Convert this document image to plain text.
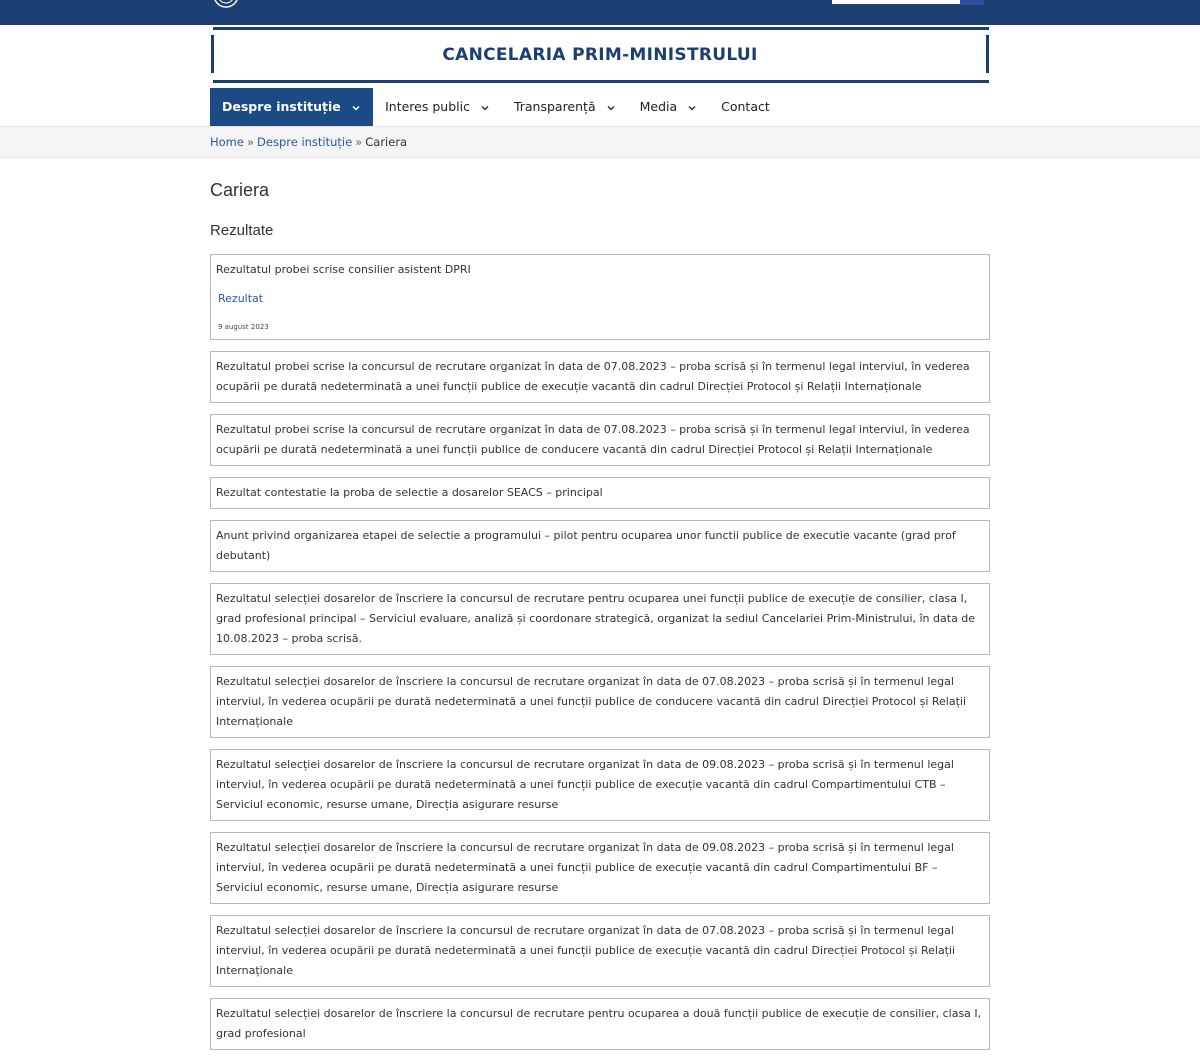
CANCELARIA PRIM-MINISTRULUI
Despre instituție	Interes public	Transparență	Media	Contact
Home » Despre instituție » Cariera
Cariera
Rezultate
Rezultatul probei scrise consilier asistent DPRI
Rezultat
9 august 2023
Rezultatul probei scrise la concursul de recrutare organizat în data de 07.08.2023 – proba scrisă și în termenul legal interviul, în vederea ocupării pe durată nedeterminată a unei funcții publice de execuție vacantă din cadrul Direcției Protocol și Relații Internaționale
Rezultatul probei scrise la concursul de recrutare organizat în data de 07.08.2023 – proba scrisă și în termenul legal interviul, în vederea ocupării pe durată nedeterminată a unei funcții publice de conducere vacantă din cadrul Direcției Protocol și Relații Internaționale
Rezultat contestatie la proba de selectie a dosarelor SEACS – principal
Anunt privind organizarea etapei de selectie a programului – pilot pentru ocuparea unor functii publice de executie vacante (grad prof debutant)
Rezultatul selecției dosarelor de înscriere la concursul de recrutare pentru ocuparea unei funcții publice de execuție de consilier, clasa I, grad profesional principal – Serviciul evaluare, analiză și coordonare strategică, organizat la sediul Cancelariei Prim-Ministrului, în data de 10.08.2023 – proba scrisă.
Rezultatul selecției dosarelor de înscriere la concursul de recrutare organizat în data de 07.08.2023 – proba scrisă și în termenul legal interviul, în vederea ocupării pe durată nedeterminată a unei funcții publice de conducere vacantă din cadrul Direcției Protocol și Relații Internaționale
Rezultatul selecției dosarelor de înscriere la concursul de recrutare organizat în data de 09.08.2023 – proba scrisă și în termenul legal interviul, în vederea ocupării pe durată nedeterminată a unei funcții publice de execuție vacantă din cadrul Compartimentului CTB – Serviciul economic, resurse umane, Direcția asigurare resurse
Rezultatul selecției dosarelor de înscriere la concursul de recrutare organizat în data de 09.08.2023 – proba scrisă și în termenul legal interviul, în vederea ocupării pe durată nedeterminată a unei funcții publice de execuție vacantă din cadrul Compartimentului BF – Serviciul economic, resurse umane, Direcția asigurare resurse
Rezultatul selecției dosarelor de înscriere la concursul de recrutare organizat în data de 07.08.2023 – proba scrisă și în termenul legal interviul, în vederea ocupării pe durată nedeterminată a unei funcții publice de execuție vacantă din cadrul Direcției Protocol și Relații Internaționale
Rezultatul selecției dosarelor de înscriere la concursul de recrutare pentru ocuparea a două funcții publice de execuție de consilier, clasa I, grad profesional
